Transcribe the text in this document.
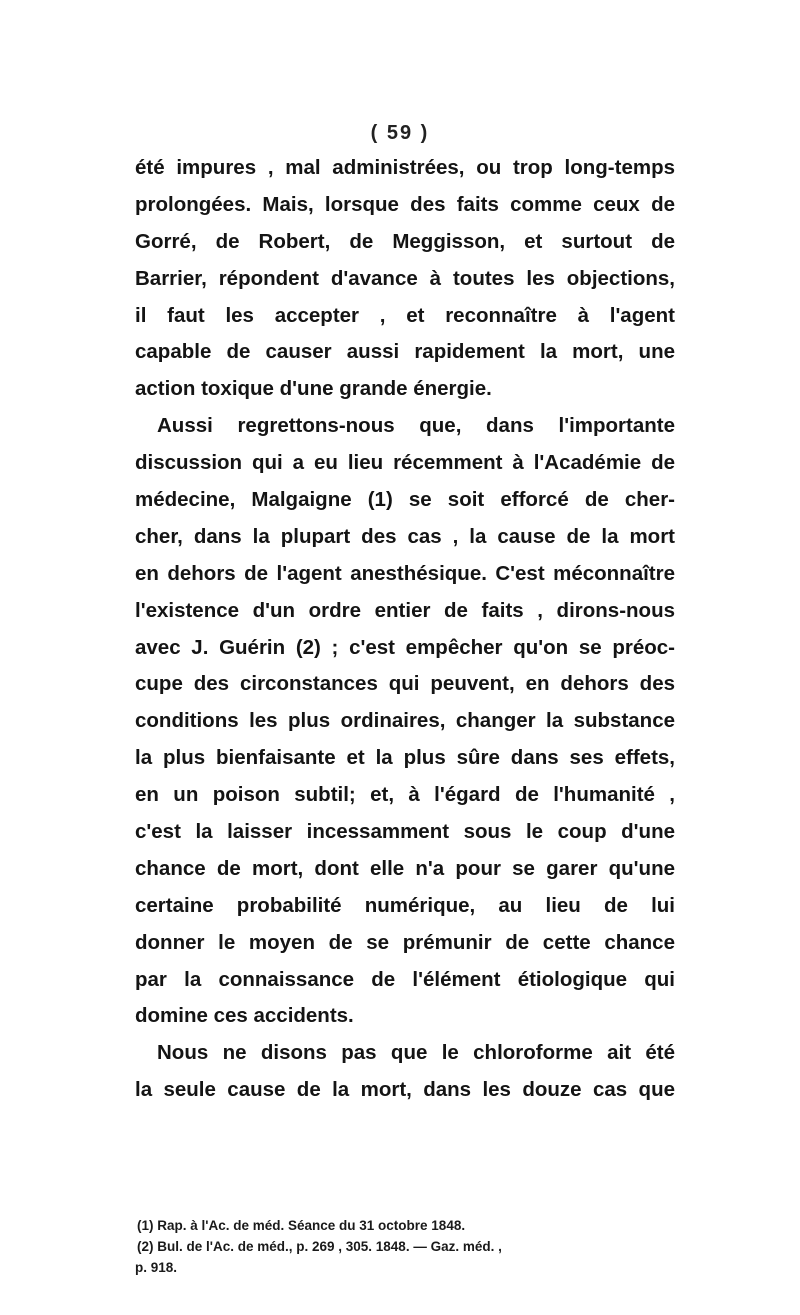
( 59 )
été impures , mal administrées, ou trop long-temps
prolongées. Mais, lorsque des faits comme ceux de
Gorré, de Robert, de Meggisson, et surtout de
Barrier, répondent d'avance à toutes les objections,
il faut les accepter , et reconnaître à l'agent
capable de causer aussi rapidement la mort, une
action toxique d'une grande énergie.
Aussi regrettons-nous que, dans l'importante
discussion qui a eu lieu récemment à l'Académie de
médecine, Malgaigne (1) se soit efforcé de cher-
cher, dans la plupart des cas , la cause de la mort
en dehors de l'agent anesthésique. C'est méconnaître
l'existence d'un ordre entier de faits , dirons-nous
avec J. Guérin (2) ; c'est empêcher qu'on se préoc-
cupe des circonstances qui peuvent, en dehors des
conditions les plus ordinaires, changer la substance
la plus bienfaisante et la plus sûre dans ses effets,
en un poison subtil; et, à l'égard de l'humanité ,
c'est la laisser incessamment sous le coup d'une
chance de mort, dont elle n'a pour se garer qu'une
certaine probabilité numérique, au lieu de lui
donner le moyen de se prémunir de cette chance
par la connaissance de l'élément étiologique qui
domine ces accidents.
Nous ne disons pas que le chloroforme ait été
la seule cause de la mort, dans les douze cas que
(1) Rap. à l'Ac. de méd. Séance du 31 octobre 1848.
(2) Bul. de l'Ac. de méd., p. 269 , 305. 1848. — Gaz. méd. ,
p. 918.
